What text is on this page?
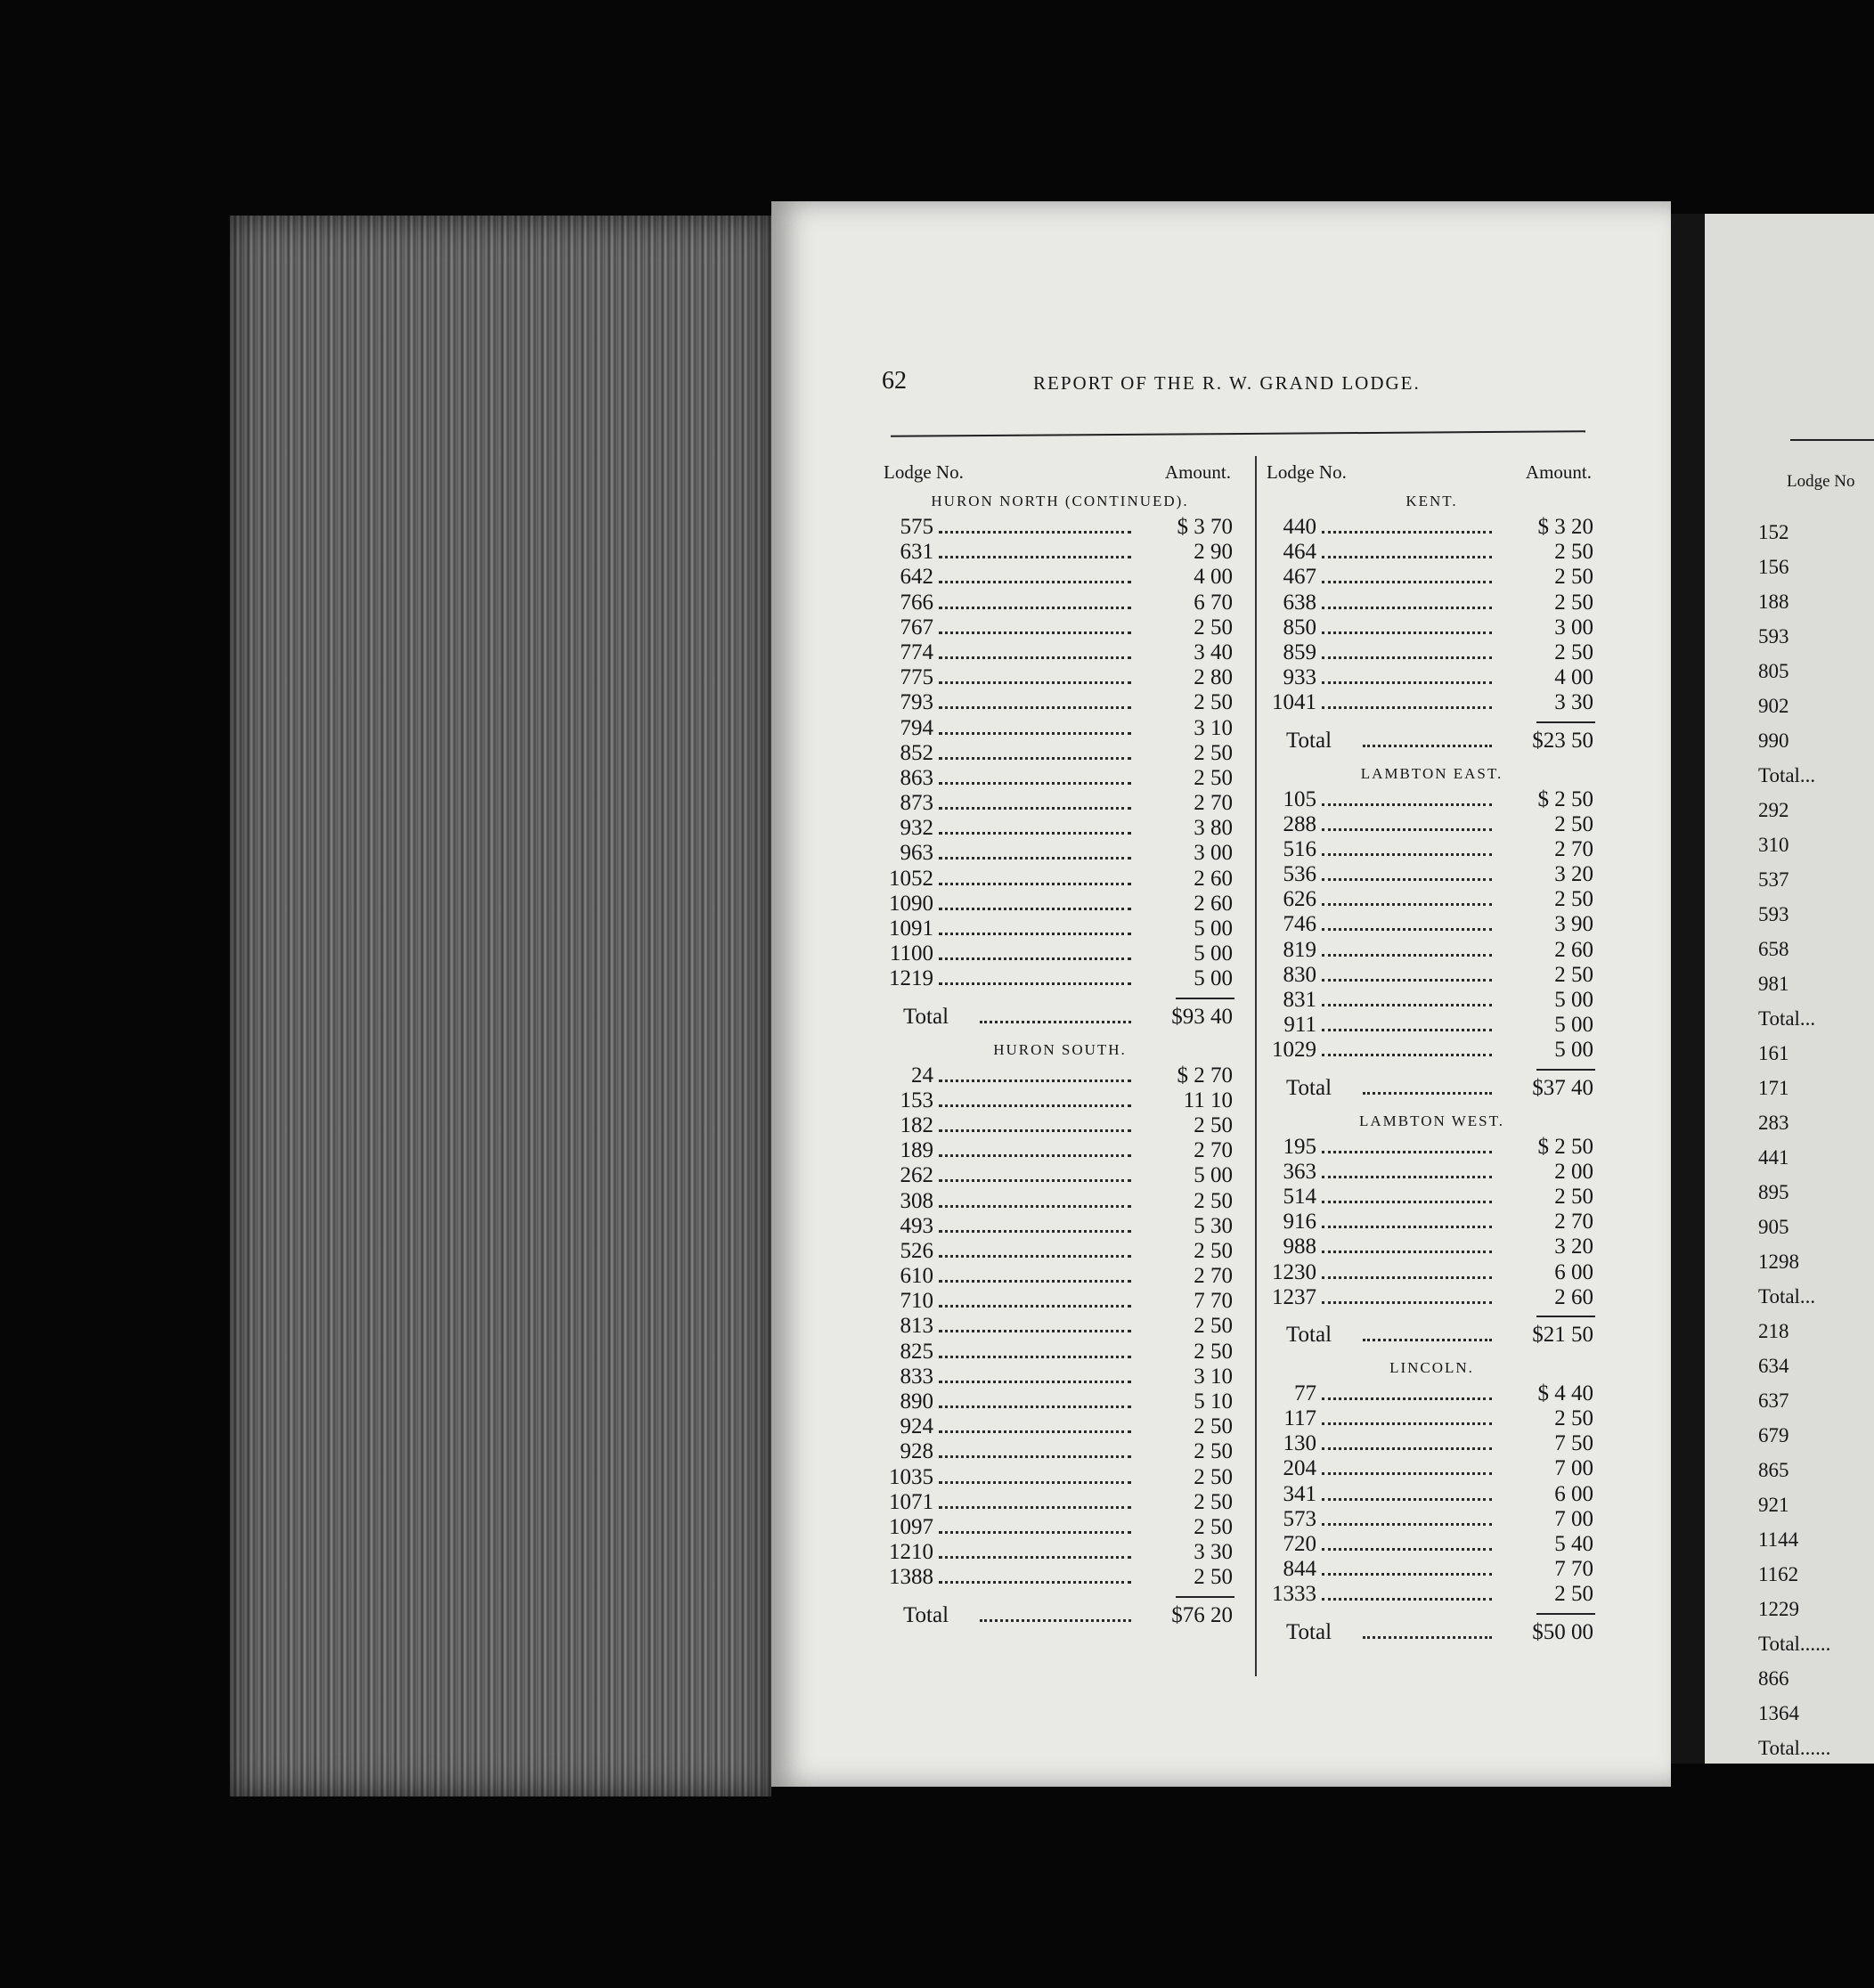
Lodge No
152
156
188
593
805
902
990
Total...
292
310
537
593
658
981
Total...
161
171
283
441
895
905
1298
Total...
218
634
637
679
865
921
1144
1162
1229
Total......
866
1364
Total......
62	REPORT OF THE R. W. GRAND LODGE.
Lodge No.	Amount.
HURON NORTH (CONTINUED).
575	$ 3 70
631	2 90
642	4 00
766	6 70
767	2 50
774	3 40
775	2 80
793	2 50
794	3 10
852	2 50
863	2 50
873	2 70
932	3 80
963	3 00
1052	2 60
1090	2 60
1091	5 00
1100	5 00
1219	5 00
Total	$93 40
HURON SOUTH.
24	$ 2 70
153	11 10
182	2 50
189	2 70
262	5 00
308	2 50
493	5 30
526	2 50
610	2 70
710	7 70
813	2 50
825	2 50
833	3 10
890	5 10
924	2 50
928	2 50
1035	2 50
1071	2 50
1097	2 50
1210	3 30
1388	2 50
Total	$76 20
Lodge No.	Amount.
KENT.
440	$ 3 20
464	2 50
467	2 50
638	2 50
850	3 00
859	2 50
933	4 00
1041	3 30
Total	$23 50
LAMBTON EAST.
105	$ 2 50
288	2 50
516	2 70
536	3 20
626	2 50
746	3 90
819	2 60
830	2 50
831	5 00
911	5 00
1029	5 00
Total	$37 40
LAMBTON WEST.
195	$ 2 50
363	2 00
514	2 50
916	2 70
988	3 20
1230	6 00
1237	2 60
Total	$21 50
LINCOLN.
77	$ 4 40
117	2 50
130	7 50
204	7 00
341	6 00
573	7 00
720	5 40
844	7 70
1333	2 50
Total	$50 00
